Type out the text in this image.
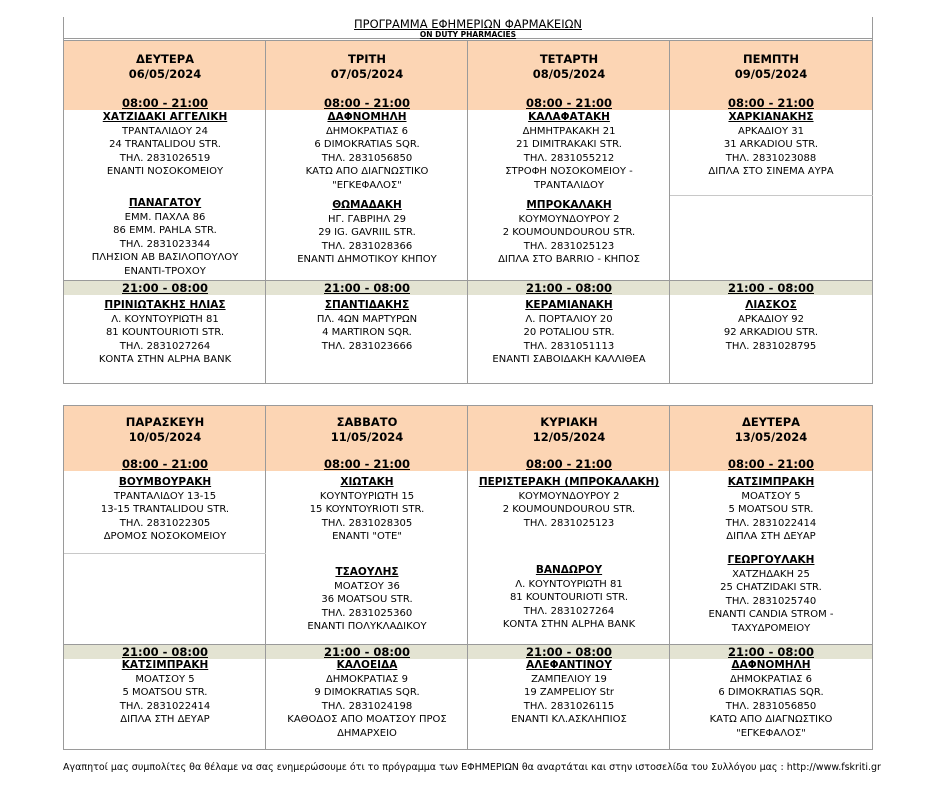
ΠΡΟΓΡΑΜΜΑ ΕΦΗΜΕΡΙΩΝ ΦΑΡΜΑΚΕΙΩΝ
ON DUTY PHARMACIES
ΔΕΥΤΕΡΑ
06/05/2024
08:00 - 21:00
ΧΑΤΖΙΔΑΚΙ ΑΓΓΕΛΙΚΗ
ΤΡΑΝΤΑΛΙΔΟΥ 24
24 TRANTALIDOU STR.
ΤΗΛ. 2831026519
ΕΝΑΝΤΙ ΝΟΣΟΚΟΜΕΙΟΥ
ΠΑΝΑΓΑΤΟΥ
ΕΜΜ. ΠΑΧΛΑ 86
86 EMM. PAHLA STR.
ΤΗΛ. 2831023344
ΠΛΗΣΙΟΝ ΑΒ ΒΑΣΙΛΟΠΟΥΛΟΥ
ΕΝΑΝΤΙ-ΤΡΟΧΟΥ
21:00 - 08:00
ΠΡΙΝΙΩΤΑΚΗΣ ΗΛΙΑΣ
Λ. ΚΟΥΝΤΟΥΡΙΩΤΗ 81
81 KOUNTOURIOTI STR.
ΤΗΛ. 2831027264
ΚΟΝΤΑ ΣΤΗΝ ALPHA BANK
ΤΡΙΤΗ
07/05/2024
08:00 - 21:00
ΔΑΦΝΟΜΗΛΗ
ΔΗΜΟΚΡΑΤΙΑΣ 6
6 DIMOKRATIAS SQR.
ΤΗΛ. 2831056850
ΚΑΤΩ ΑΠΟ ΔΙΑΓΝΩΣΤΙΚΟ
"ΕΓΚΕΦΑΛΟΣ"
ΘΩΜΑΔΑΚΗ
ΗΓ. ΓΑΒΡΙΗΛ 29
29 IG. GAVRIIL STR.
ΤΗΛ. 2831028366
ΕΝΑΝΤΙ ΔΗΜΟΤΙΚΟΥ ΚΗΠΟΥ
21:00 - 08:00
ΣΠΑΝΤΙΔΑΚΗΣ
ΠΛ. 4ΩΝ ΜΑΡΤΥΡΩΝ
4 MARTIRON SQR.
ΤΗΛ. 2831023666
ΤΕΤΑΡΤΗ
08/05/2024
08:00 - 21:00
ΚΑΛΑΦΑΤΑΚΗ
ΔΗΜΗΤΡΑΚΑΚΗ 21
21 DIMITRAKAKI STR.
ΤΗΛ. 2831055212
ΣΤΡΟΦΗ ΝΟΣΟΚΟΜΕΙΟΥ -
ΤΡΑΝΤΑΛΙΔΟΥ
ΜΠΡΟΚΑΛΑΚΗ
ΚΟΥΜΟΥΝΔΟΥΡΟΥ 2
2 KOUMOUNDOUROU STR.
ΤΗΛ. 2831025123
ΔΙΠΛΑ ΣΤΟ BARRIO - ΚΗΠΟΣ
21:00 - 08:00
ΚΕΡΑΜΙΑΝΑΚΗ
Λ. ΠΟΡΤΑΛΙΟΥ 20
20 POTALIOU STR.
ΤΗΛ. 2831051113
ΕΝΑΝΤΙ ΣΑΒΟΙΔΑΚΗ ΚΑΛΛΙΘΕΑ
ΠΕΜΠΤΗ
09/05/2024
08:00 - 21:00
ΧΑΡΚΙΑΝΑΚΗΣ
ΑΡΚΑΔΙΟΥ 31
31 ARKADIOU STR.
ΤΗΛ. 2831023088
ΔΙΠΛΑ ΣΤΟ ΣΙΝΕΜΑ ΑΥΡΑ
21:00 - 08:00
ΛΙΑΣΚΟΣ
ΑΡΚΑΔΙΟΥ 92
92 ARKADIOU STR.
ΤΗΛ. 2831028795
ΠΑΡΑΣΚΕΥΗ
10/05/2024
08:00 - 21:00
ΒΟΥΜΒΟΥΡΑΚΗ
ΤΡΑΝΤΑΛΙΔΟΥ 13-15
13-15 TRANTALIDOU STR.
ΤΗΛ. 2831022305
ΔΡΟΜΟΣ ΝΟΣΟΚΟΜΕΙΟΥ
21:00 - 08:00
ΚΑΤΣΙΜΠΡΑΚΗ
ΜΟΑΤΣΟΥ 5
5 MOATSOU STR.
ΤΗΛ. 2831022414
ΔΙΠΛΑ ΣΤΗ ΔΕΥΑΡ
ΣΑΒΒΑΤΟ
11/05/2024
08:00 - 21:00
ΧΙΩΤΑΚΗ
ΚΟΥΝΤΟΥΡΙΩΤΗ 15
15 KOYNTOYRIOTI STR.
ΤΗΛ. 2831028305
ΕΝΑΝΤΙ "ΟΤΕ"
ΤΣΑΟΥΛΗΣ
ΜΟΑΤΣΟΥ 36
36 MOATSOU STR.
ΤΗΛ. 2831025360
ΕΝΑΝΤΙ ΠΟΛΥΚΛΑΔΙΚΟΥ
21:00 - 08:00
ΚΑΛΟΕΙΔΑ
ΔΗΜΟΚΡΑΤΙΑΣ 9
9 DIMOKRATIAS SQR.
ΤΗΛ. 2831024198
ΚΑΘΟΔΟΣ ΑΠΟ ΜΟΑΤΣΟΥ ΠΡΟΣ
ΔΗΜΑΡΧΕΙΟ
ΚΥΡΙΑΚΗ
12/05/2024
08:00 - 21:00
ΠΕΡΙΣΤΕΡΑΚΗ (ΜΠΡΟΚΑΛΑΚΗ)
ΚΟΥΜΟΥΝΔΟΥΡΟΥ 2
2 KOUMOUNDOUROU STR.
ΤΗΛ. 2831025123
ΒΑΝΔΩΡΟΥ
Λ. ΚΟΥΝΤΟΥΡΙΩΤΗ 81
81 KOUNTOURIOTI STR.
ΤΗΛ. 2831027264
ΚΟΝΤΑ ΣΤΗΝ ALPHA BANK
21:00 - 08:00
ΑΛΕΦΑΝΤΙΝΟΥ
ΖΑΜΠΕΛΙΟΥ 19
19 ZAMPELIOY Str
ΤΗΛ. 2831026115
ΕΝΑΝΤΙ ΚΛ.ΑΣΚΛΗΠΙΟΣ
ΔΕΥΤΕΡΑ
13/05/2024
08:00 - 21:00
ΚΑΤΣΙΜΠΡΑΚΗ
ΜΟΑΤΣΟΥ 5
5 MOATSOU STR.
ΤΗΛ. 2831022414
ΔΙΠΛΑ ΣΤΗ ΔΕΥΑΡ
ΓΕΩΡΓΟΥΛΑΚΗ
ΧΑΤΖΗΔΑΚΗ 25
25 CHATZIDAKI STR.
ΤΗΛ. 2831025740
ΕΝΑΝΤΙ CANDIA STROM -
ΤΑΧΥΔΡΟΜΕΙΟΥ
21:00 - 08:00
ΔΑΦΝΟΜΗΛΗ
ΔΗΜΟΚΡΑΤΙΑΣ 6
6 DIMOKRATIAS SQR.
ΤΗΛ. 2831056850
ΚΑΤΩ ΑΠΟ ΔΙΑΓΝΩΣΤΙΚΟ
"ΕΓΚΕΦΑΛΟΣ"
Αγαπητοί μας συμπολίτες θα θέλαμε να σας ενημερώσουμε ότι το πρόγραμμα των ΕΦΗΜΕΡΙΩΝ θα αναρτάται και στην ιστοσελίδα του Συλλόγου μας : http://www.fskriti.gr
